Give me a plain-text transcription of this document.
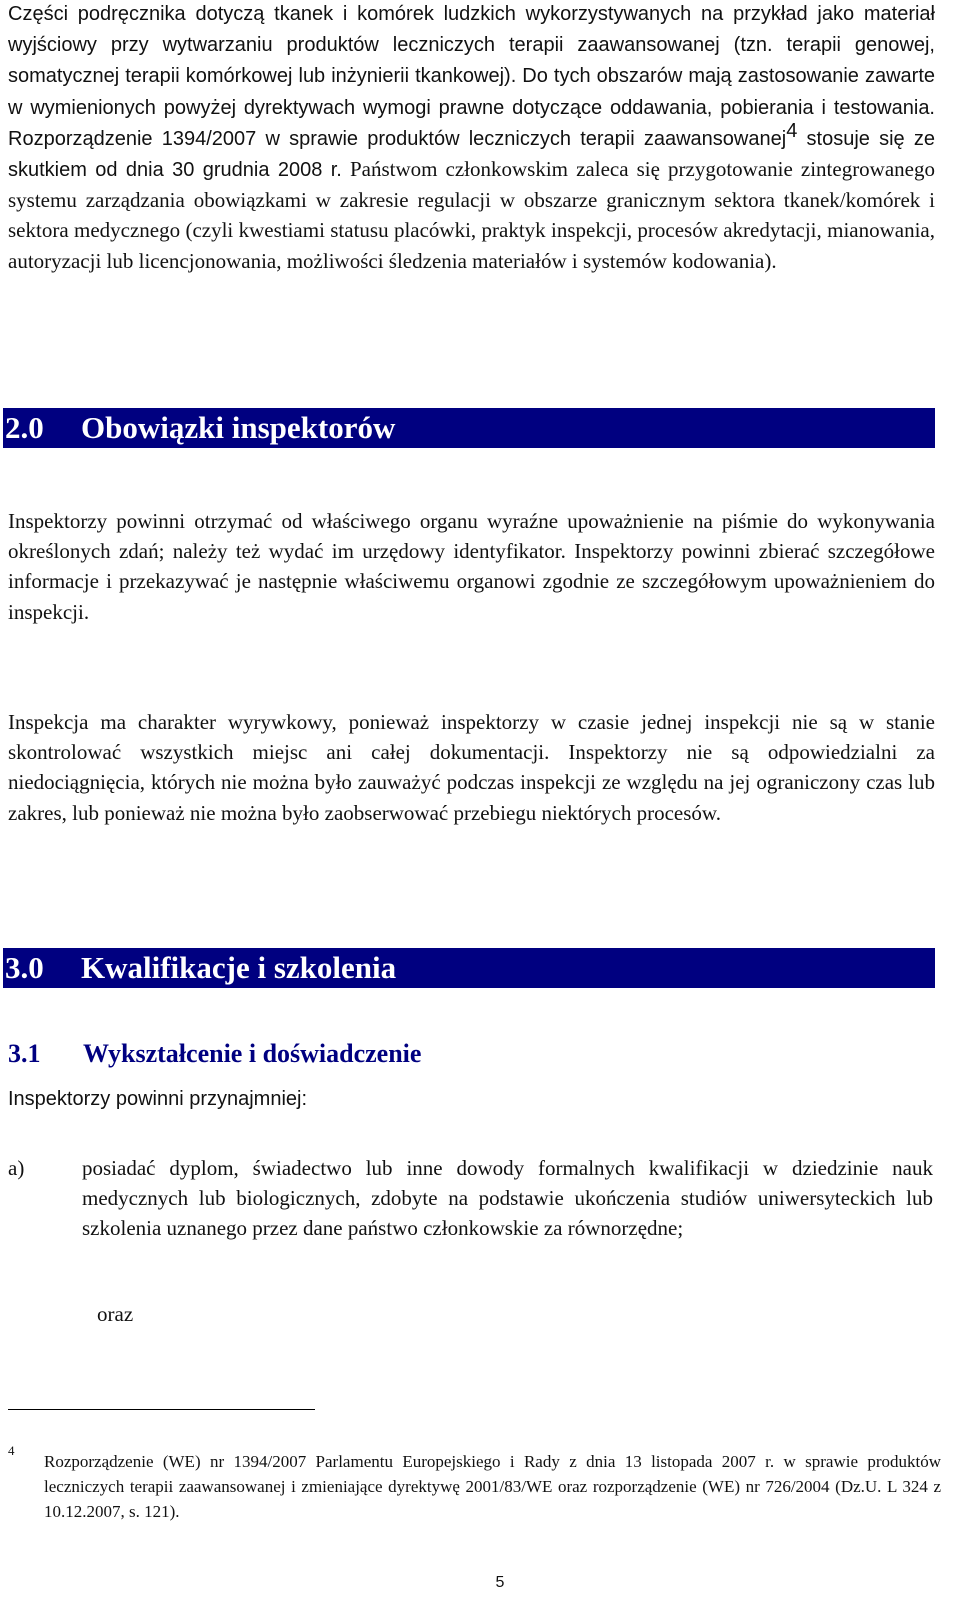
Części podręcznika dotyczą tkanek i komórek ludzkich wykorzystywanych na przykład jako materiał wyjściowy przy wytwarzaniu produktów leczniczych terapii zaawansowanej (tzn. terapii genowej, somatycznej terapii komórkowej lub inżynierii tkankowej). Do tych obszarów mają zastosowanie zawarte w wymienionych powyżej dyrektywach wymogi prawne dotyczące oddawania, pobierania i testowania. Rozporządzenie 1394/2007 w sprawie produktów leczniczych terapii zaawansowanej$^4$ stosuje się ze skutkiem od dnia 30 grudnia 2008 r. Państwom członkowskim zaleca się przygotowanie zintegrowanego systemu zarządzania obowiązkami w zakresie regulacji w obszarze granicznym sektora tkanek/komórek i sektora medycznego (czyli kwestiami statusu placówki, praktyk inspekcji, procesów akredytacji, mianowania, autoryzacji lub licencjonowania, możliwości śledzenia materiałów i systemów kodowania).

2.0 Obowiązki inspektorów

Inspektorzy powinni otrzymać od właściwego organu wyraźne upoważnienie na piśmie do wykonywania określonych zdań; należy też wydać im urzędowy identyfikator. Inspektorzy powinni zbierać szczegółowe informacje i przekazywać je następnie właściwemu organowi zgodnie ze szczegółowym upoważnieniem do inspekcji.

Inspekcja ma charakter wyrywkowy, ponieważ inspektorzy w czasie jednej inspekcji nie są w stanie skontrolować wszystkich miejsc ani całej dokumentacji. Inspektorzy nie są odpowiedzialni za niedociągnięcia, których nie można było zauważyć podczas inspekcji ze względu na jej ograniczony czas lub zakres, lub ponieważ nie można było zaobserwować przebiegu niektórych procesów.

3.0 Kwalifikacje i szkolenia
3.1 Wykształcenie i doświadczenie

Inspektorzy powinni przynajmniej:

a)	posiadać dyplom, świadectwo lub inne dowody formalnych kwalifikacji w dziedzinie nauk medycznych lub biologicznych, zdobyte na podstawie ukończenia studiów uniwersyteckich lub szkolenia uznanego przez dane państwo członkowskie za równorzędne;

oraz
4

Rozporządzenie (WE) nr 1394/2007 Parlamentu Europejskiego i Rady z dnia 13 listopada 2007 r. w sprawie produktów leczniczych terapii zaawansowanej i zmieniające dyrektywę 2001/83/WE oraz rozporządzenie (WE) nr 726/2004 (Dz.U. L 324 z 10.12.2007, s. 121).

5
